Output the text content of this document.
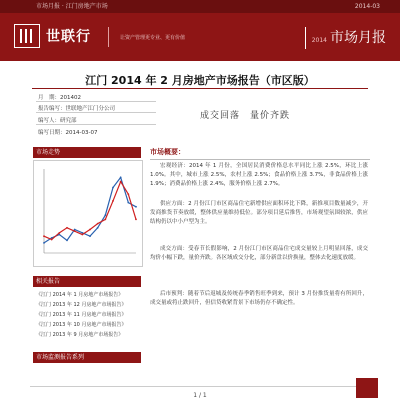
市场月报 · 江门房地产市场	2014-03
世联行	让资产管理更专业、更有价值	2014 市场月报
江门 2014 年 2 月房地产市场报告（市区版）
月　期：201402
报告编写：世联地产江门分公司
编写人：研究部
编写日期：2014-03-07
成交回落 量价齐跌
市场走势
相关报告
《江门 2014 年 1 月房地产市场报告》
《江门 2013 年 12 月房地产市场报告》
《江门 2013 年 11 月房地产市场报告》
《江门 2013 年 10 月房地产市场报告》
《江门 2013 年 9 月房地产市场报告》
市场监测报告系列
市场概要：
宏观经济：2014 年 1 月份，全国居民消费价格总水平同比上涨 2.5%，环比上涨 1.0%。其中，城市上涨 2.5%，农村上涨 2.5%；食品价格上涨 3.7%，非食品价格上涨 1.9%；消费品价格上涨 2.4%，服务价格上涨 2.7%。
供应方面：2 月份江门市区商品住宅新增供应面积环比下降，新推项目数量减少，开发商推货节奏放缓，整体供应量维持低位。部分项目延后推售，市场观望氛围较浓，供应结构仍以中小户型为主。
成交方面：受春节长假影响，2 月份江门市区商品住宅成交量较上月明显回落，成交均价小幅下跌，量价齐跌。各区域成交分化，部分新盘以价换量，整体去化速度放缓。
后市预判：随着节后返城及传统春季销售旺季到来，预计 3 月份推货量将有所回升，成交量或将止跌回升，但信贷收紧背景下市场仍存不确定性。
1 / 1
